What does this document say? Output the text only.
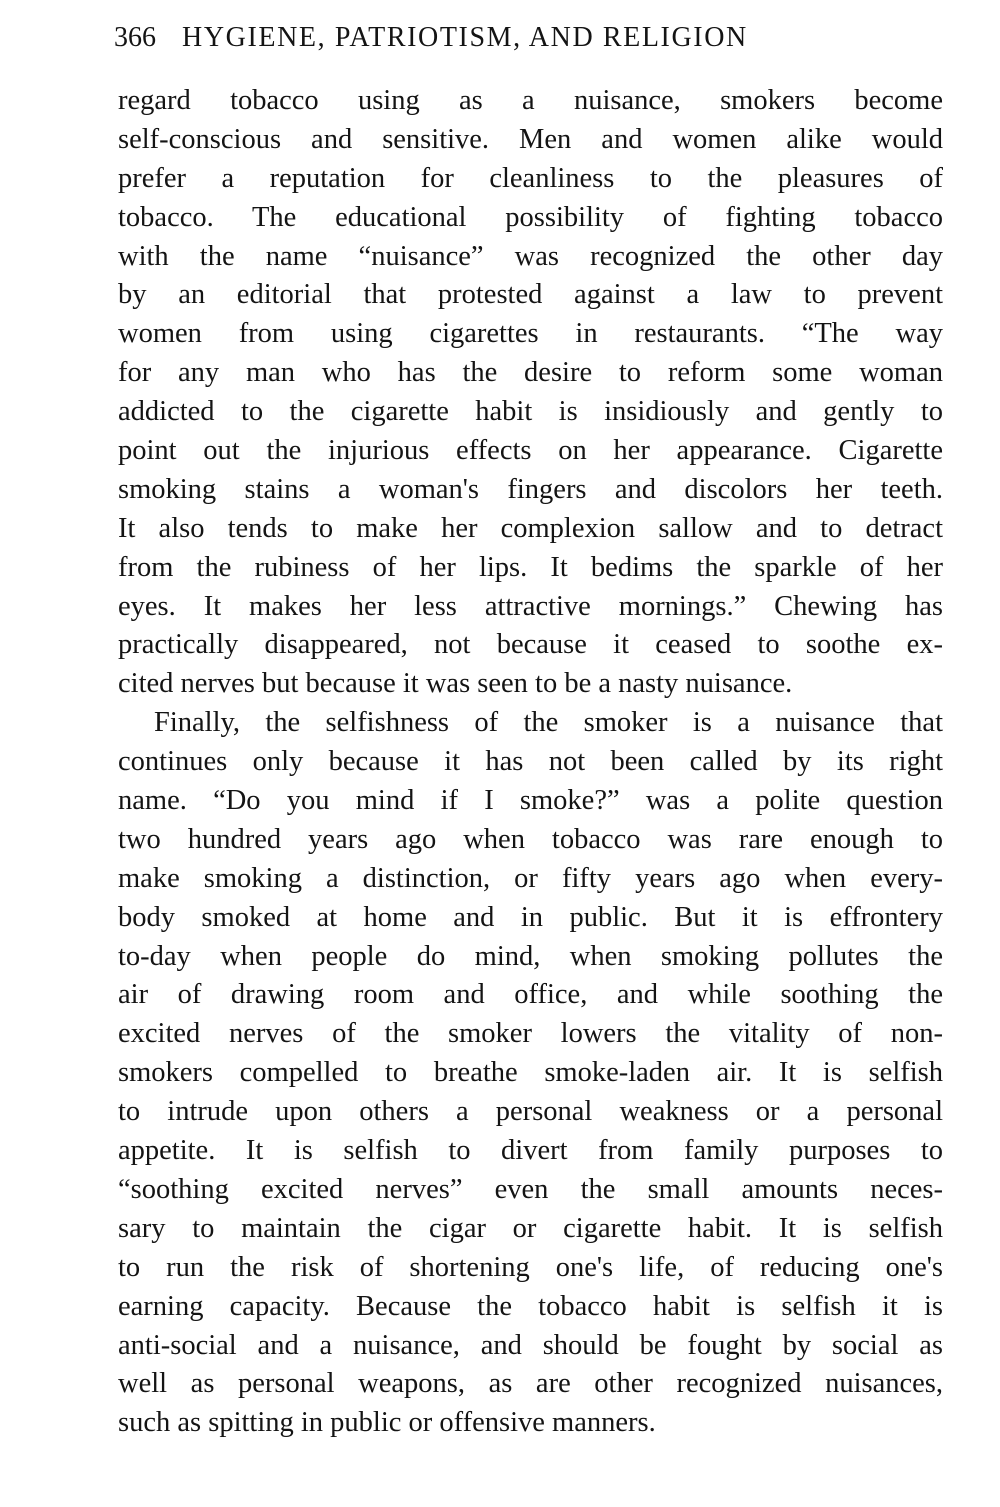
366 HYGIENE, PATRIOTISM, AND RELIGION
regard tobacco using as a nuisance, smokers become
self-conscious and sensitive. Men and women alike would
prefer a reputation for cleanliness to the pleasures of
tobacco. The educational possibility of fighting tobacco
with the name “nuisance” was recognized the other day
by an editorial that protested against a law to prevent
women from using cigarettes in restaurants. “The way
for any man who has the desire to reform some woman
addicted to the cigarette habit is insidiously and gently to
point out the injurious effects on her appearance. Cigarette
smoking stains a woman's fingers and discolors her teeth.
It also tends to make her complexion sallow and to detract
from the rubiness of her lips. It bedims the sparkle of her
eyes. It makes her less attractive mornings.” Chewing has
practically disappeared, not because it ceased to soothe ex-
cited nerves but because it was seen to be a nasty nuisance.
Finally, the selfishness of the smoker is a nuisance that
continues only because it has not been called by its right
name. “Do you mind if I smoke?” was a polite question
two hundred years ago when tobacco was rare enough to
make smoking a distinction, or fifty years ago when every-
body smoked at home and in public. But it is effrontery
to-day when people do mind, when smoking pollutes the
air of drawing room and office, and while soothing the
excited nerves of the smoker lowers the vitality of non-
smokers compelled to breathe smoke-laden air. It is selfish
to intrude upon others a personal weakness or a personal
appetite. It is selfish to divert from family purposes to
“soothing excited nerves” even the small amounts neces-
sary to maintain the cigar or cigarette habit. It is selfish
to run the risk of shortening one's life, of reducing one's
earning capacity. Because the tobacco habit is selfish it is
anti-social and a nuisance, and should be fought by social as
well as personal weapons, as are other recognized nuisances,
such as spitting in public or offensive manners.
